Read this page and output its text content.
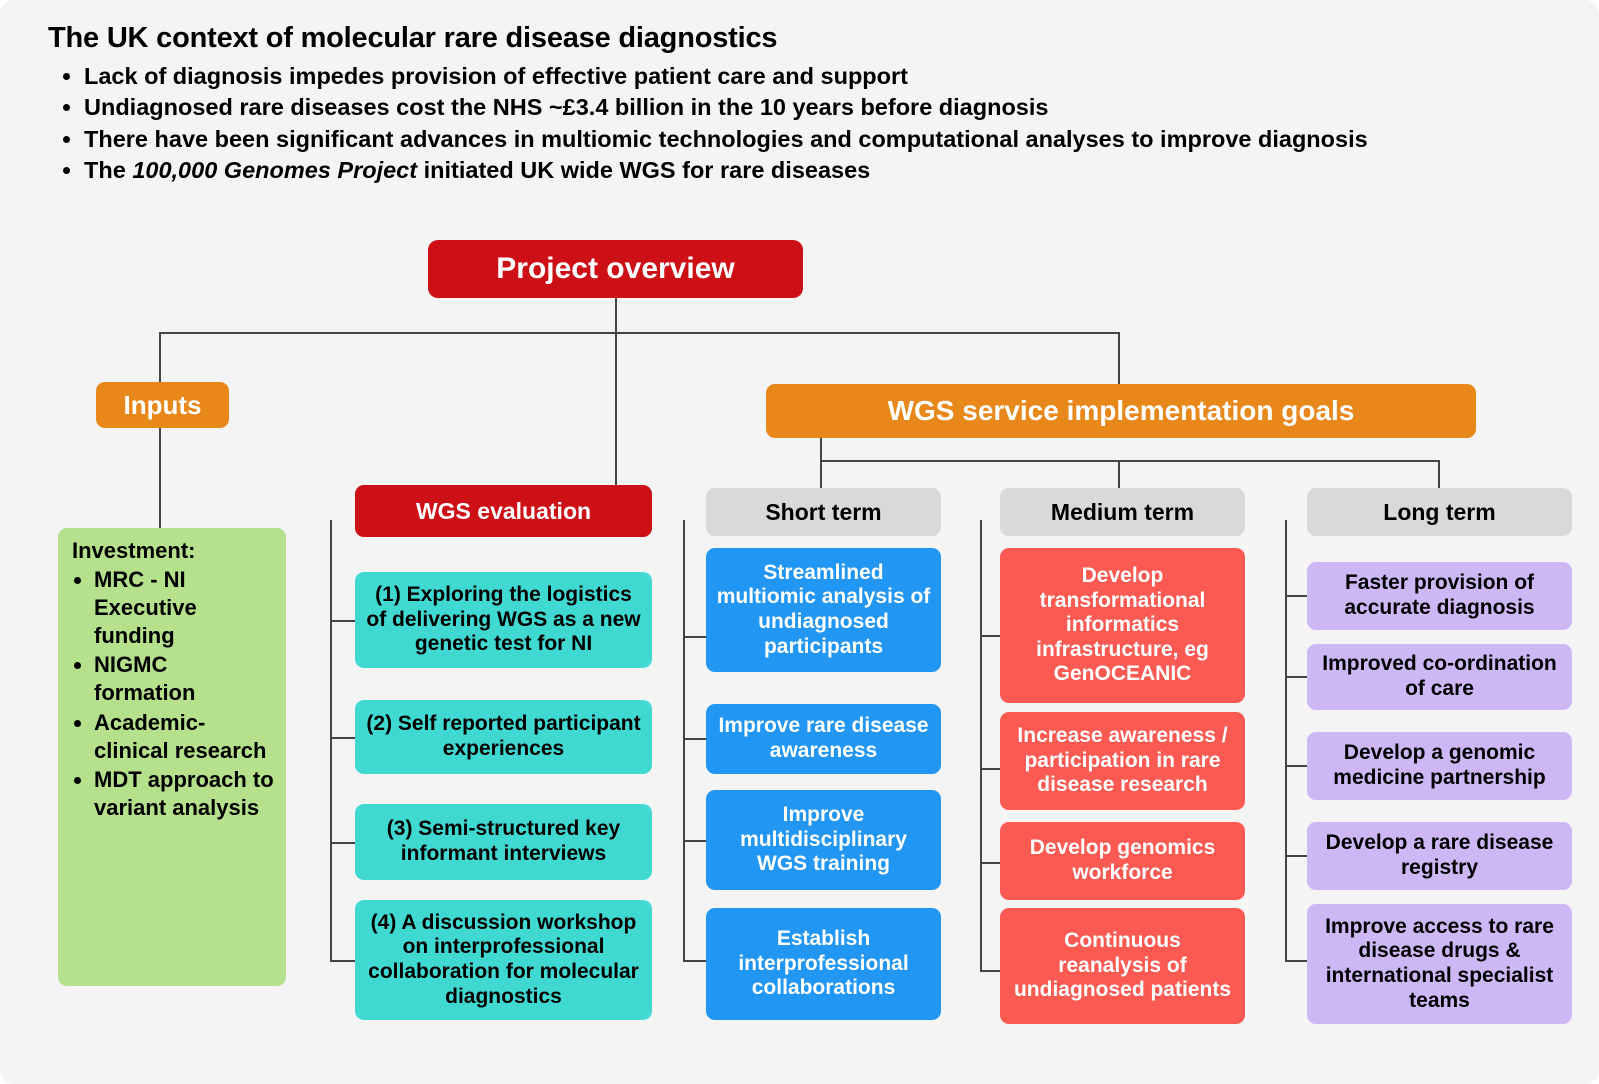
The UK context of molecular rare disease diagnostics
• Lack of diagnosis impedes provision of effective patient care and support
• Undiagnosed rare diseases cost the NHS ~£3.4 billion in the 10 years before diagnosis
• There have been significant advances in multiomic technologies and computational analyses to improve diagnosis
• The 100,000 Genomes Project initiated UK wide WGS for rare diseases
Project overview
Inputs	WGS service implementation goals
Investment:
• MRC - NI Executive funding
• NIGMC formation
• Academic-clinical research
• MDT approach to variant analysis
WGS evaluation
(1) Exploring the logistics of delivering WGS as a new genetic test for NI
(2) Self reported participant experiences
(3) Semi-structured key informant interviews
(4) A discussion workshop on interprofessional collaboration for molecular diagnostics
Short term
Streamlined multiomic analysis of undiagnosed participants
Improve rare disease awareness
Improve multidisciplinary WGS training
Establish interprofessional collaborations
Medium term
Develop transformational informatics infrastructure, eg GenOCEANIC
Increase awareness / participation in rare disease research
Develop genomics workforce
Continuous reanalysis of undiagnosed patients
Long term
Faster provision of accurate diagnosis
Improved co-ordination of care
Develop a genomic medicine partnership
Develop a rare disease registry
Improve access to rare disease drugs & international specialist teams
